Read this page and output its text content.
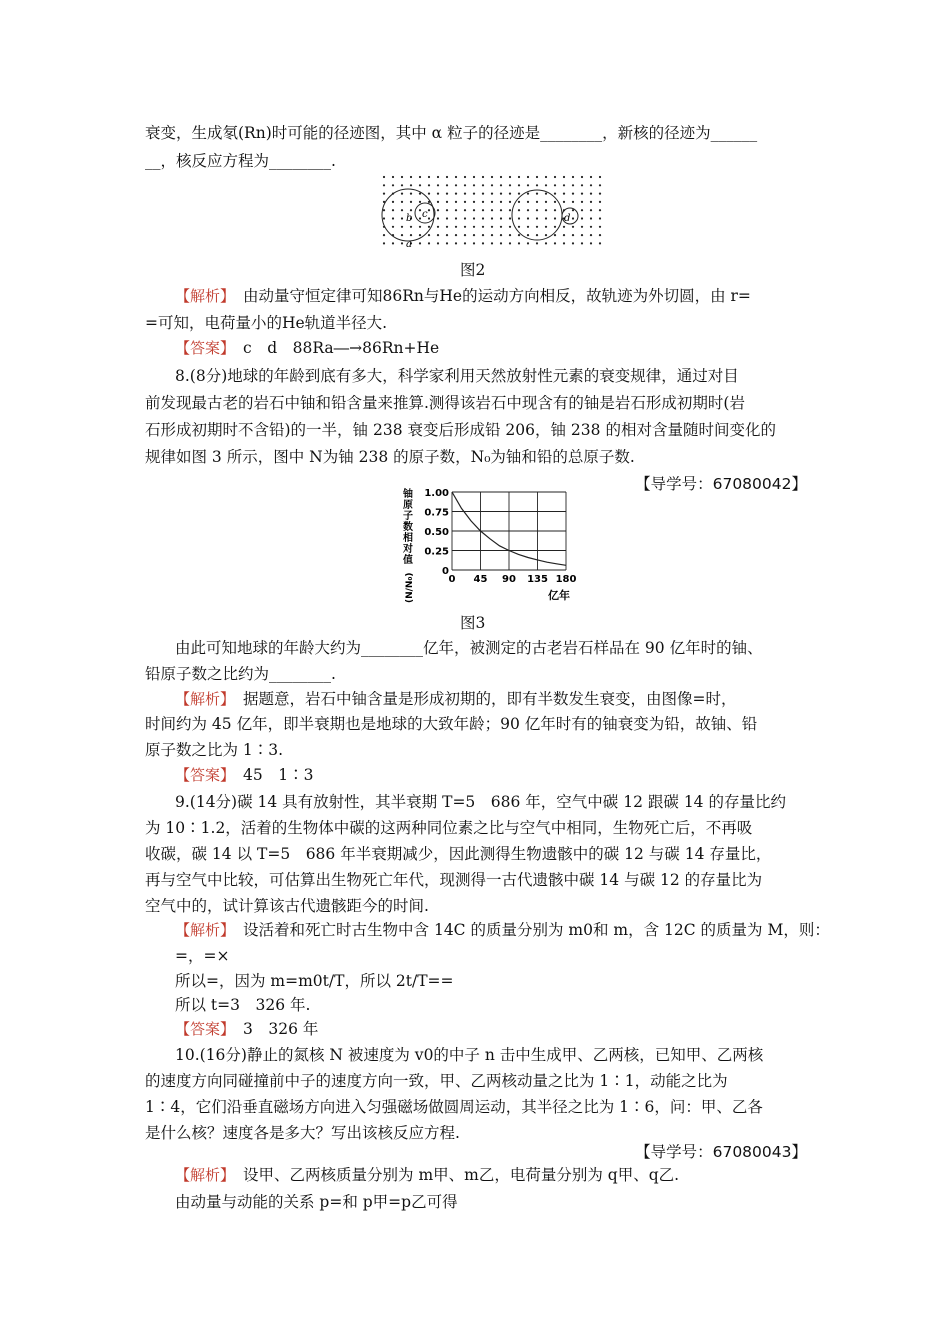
衰变，生成氡(Rn)时可能的径迹图，其中 α 粒子的径迹是________，新核的径迹为______
__，核反应方程为________.
b c
a
d
图2
【解析】　 由动量守恒定律可知86Rn与He的运动方向相反，故轨迹为外切圆，由 r=
=可知，电荷量小的He轨道半径大.
【答案】　 c　d　88Ra―→86Rn+He
8.(8分)地球的年龄到底有多大，科学家利用天然放射性元素的衰变规律，通过对目
前发现最古老的岩石中铀和铅含量来推算.测得该岩石中现含有的铀是岩石形成初期时(岩
石形成初期时不含铅)的一半，铀 238 衰变后形成铅 206，铀 238 的相对含量随时间变化的
规律如图 3 所示，图中 N为铀 238 的原子数，N₀为铀和铅的总原子数.
【导学号：67080042】
铀
原
子
数
相
对
值
(N/N₀)	0 45 90 135 180
0
0.25
0.50
0.75
1.00
亿年
图3
由此可知地球的年龄大约为________亿年，被测定的古老岩石样品在 90 亿年时的铀、
铅原子数之比约为________.
【解析】　 据题意，岩石中铀含量是形成初期的，即有半数发生衰变，由图像=时，
时间约为 45 亿年，即半衰期也是地球的大致年龄；90 亿年时有的铀衰变为铅，故铀、铅
原子数之比为 1∶3.
【答案】　 45　1∶3
9.(14分)碳 14 具有放射性，其半衰期 T=5　686 年，空气中碳 12 跟碳 14 的存量比约
为 10∶1.2，活着的生物体中碳的这两种同位素之比与空气中相同，生物死亡后，不再吸
收碳，碳 14 以 T=5　686 年半衰期减少，因此测得生物遗骸中的碳 12 与碳 14 存量比，
再与空气中比较，可估算出生物死亡年代，现测得一古代遗骸中碳 14 与碳 12 的存量比为
空气中的，试计算该古代遗骸距今的时间.
【解析】　 设活着和死亡时古生物中含 14C 的质量分别为 m0和 m，含 12C 的质量为 M，则：
=，=×
所以=，因为 m=m0t/T，所以 2t/T==
所以 t=3　326 年.
【答案】　 3　326 年
10.(16分)静止的氮核 N 被速度为 v0的中子 n 击中生成甲、乙两核，已知甲、乙两核
的速度方向同碰撞前中子的速度方向一致，甲、乙两核动量之比为 1∶1，动能之比为
1∶4，它们沿垂直磁场方向进入匀强磁场做圆周运动，其半径之比为 1∶6，问：甲、乙各
是什么核？速度各是多大？写出该核反应方程.
【导学号：67080043】
【解析】　 设甲、乙两核质量分别为 m甲、m乙，电荷量分别为 q甲、q乙.
由动量与动能的关系 p=和 p甲=p乙可得
